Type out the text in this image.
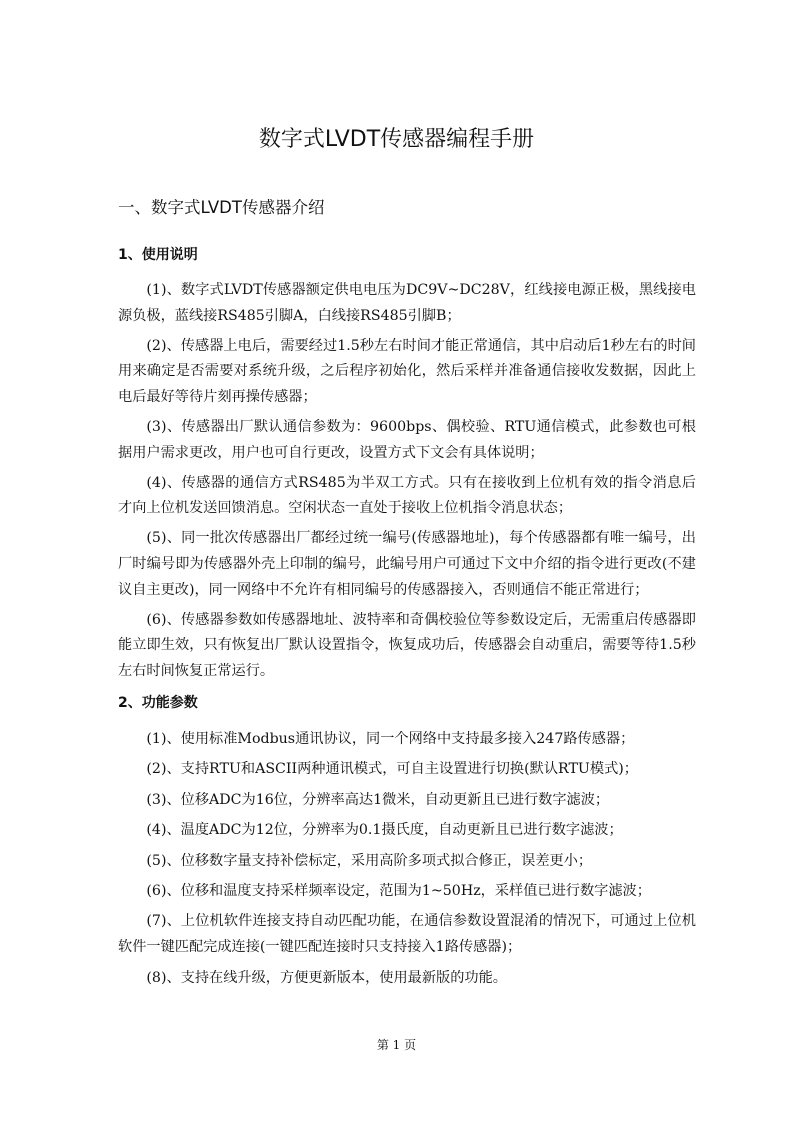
数字式LVDT传感器编程手册
一、数字式LVDT传感器介绍
1、使用说明

(1)、数字式LVDT传感器额定供电电压为DC9V~DC28V，红线接电源正极，黑线接电源负极，蓝线接RS485引脚A，白线接RS485引脚B；

(2)、传感器上电后，需要经过1.5秒左右时间才能正常通信，其中启动后1秒左右的时间用来确定是否需要对系统升级，之后程序初始化，然后采样并准备通信接收发数据，因此上电后最好等待片刻再操传感器；

(3)、传感器出厂默认通信参数为：9600bps、偶校验、RTU通信模式，此参数也可根据用户需求更改，用户也可自行更改，设置方式下文会有具体说明；

(4)、传感器的通信方式RS485为半双工方式。只有在接收到上位机有效的指令消息后才向上位机发送回馈消息。空闲状态一直处于接收上位机指令消息状态；

(5)、同一批次传感器出厂都经过统一编号(传感器地址)，每个传感器都有唯一编号，出厂时编号即为传感器外壳上印制的编号，此编号用户可通过下文中介绍的指令进行更改(不建议自主更改)，同一网络中不允许有相同编号的传感器接入，否则通信不能正常进行；

(6)、传感器参数如传感器地址、波特率和奇偶校验位等参数设定后，无需重启传感器即能立即生效，只有恢复出厂默认设置指令，恢复成功后，传感器会自动重启，需要等待1.5秒左右时间恢复正常运行。

2、功能参数

(1)、使用标准Modbus通讯协议，同一个网络中支持最多接入247路传感器；

(2)、支持RTU和ASCII两种通讯模式，可自主设置进行切换(默认RTU模式)；

(3)、位移ADC为16位，分辨率高达1微米，自动更新且已进行数字滤波；

(4)、温度ADC为12位，分辨率为0.1摄氏度，自动更新且已进行数字滤波；

(5)、位移数字量支持补偿标定，采用高阶多项式拟合修正，误差更小；

(6)、位移和温度支持采样频率设定，范围为1~50Hz，采样值已进行数字滤波；

(7)、上位机软件连接支持自动匹配功能，在通信参数设置混淆的情况下，可通过上位机软件一键匹配完成连接(一键匹配连接时只支持接入1路传感器)；

(8)、支持在线升级，方便更新版本，使用最新版的功能。

第 1 页
